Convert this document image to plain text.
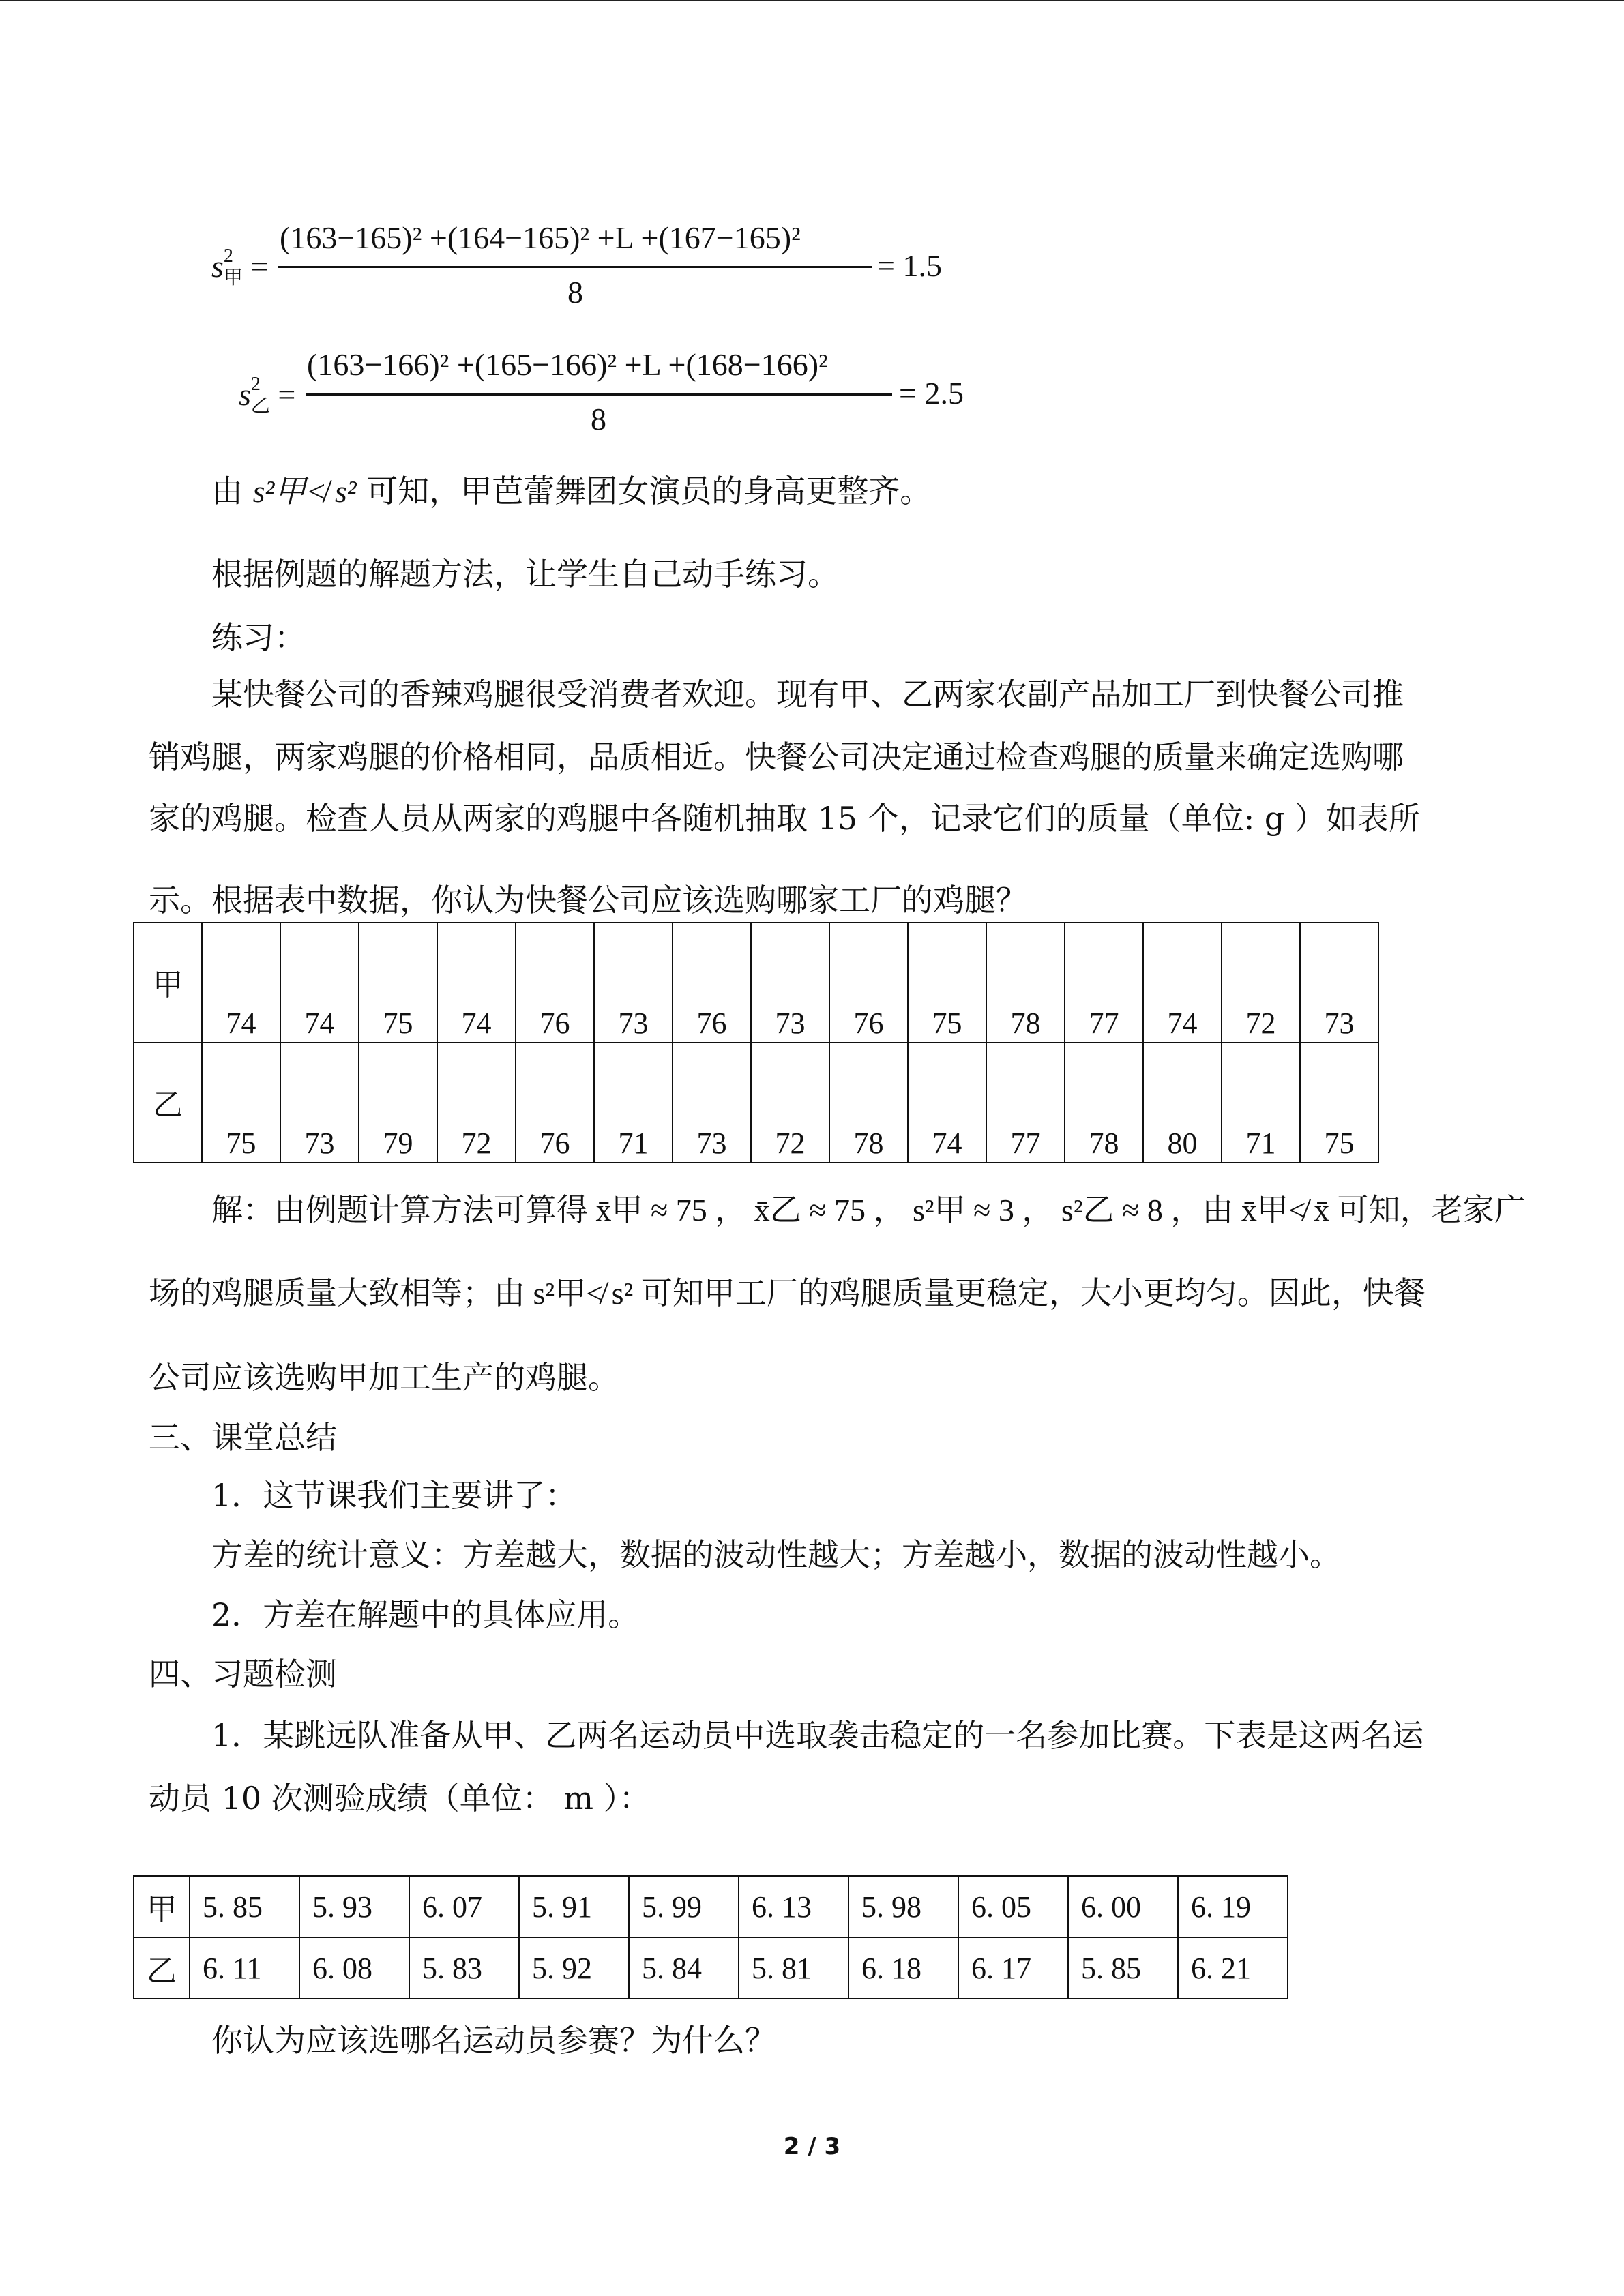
$s^2_甲$ =
(163−165)² +(164−165)² +L +(167−165)²
8
= 1.5
$s^2_乙$ =
(163−166)² +(165−166)² +L +(168−166)²
8
= 2.5
由 s²甲≮ s² 可知，甲芭蕾舞团女演员的身高更整齐。
根据例题的解题方法，让学生自己动手练习。
练习：
某快餐公司的香辣鸡腿很受消费者欢迎。现有甲、乙两家农副产品加工厂到快餐公司推
销鸡腿，两家鸡腿的价格相同，品质相近。快餐公司决定通过检查鸡腿的质量来确定选购哪
家的鸡腿。检查人员从两家的鸡腿中各随机抽取 15 个，记录它们的质量（单位: g ）如表所
示。根据表中数据，你认为快餐公司应该选购哪家工厂的鸡腿？
甲	74	74	75	74	76	73	76	73	76	75	78	77	74	72	73
乙	75	73	79	72	76	71	73	72	78	74	77	78	80	71	75
解：由例题计算方法可算得 x̄甲 ≈ 75 ， x̄乙 ≈ 75 ， s²甲 ≈ 3 ， s²乙 ≈ 8 ，由 x̄甲≮ x̄ 可知，老家广
场的鸡腿质量大致相等；由 s²甲≮ s² 可知甲工厂的鸡腿质量更稳定，大小更均匀。因此，快餐
公司应该选购甲加工生产的鸡腿。
三、课堂总结
1．这节课我们主要讲了：
方差的统计意义：方差越大，数据的波动性越大；方差越小，数据的波动性越小。
2．方差在解题中的具体应用。
四、习题检测
1．某跳远队准备从甲、乙两名运动员中选取袭击稳定的一名参加比赛。下表是这两名运
动员 10 次测验成绩（单位： m ）：
甲	5. 85	5. 93	6. 07	5. 91	5. 99	6. 13	5. 98	6. 05	6. 00	6. 19
乙	6. 11	6. 08	5. 83	5. 92	5. 84	5. 81	6. 18	6. 17	5. 85	6. 21
你认为应该选哪名运动员参赛？为什么？
2 / 3
